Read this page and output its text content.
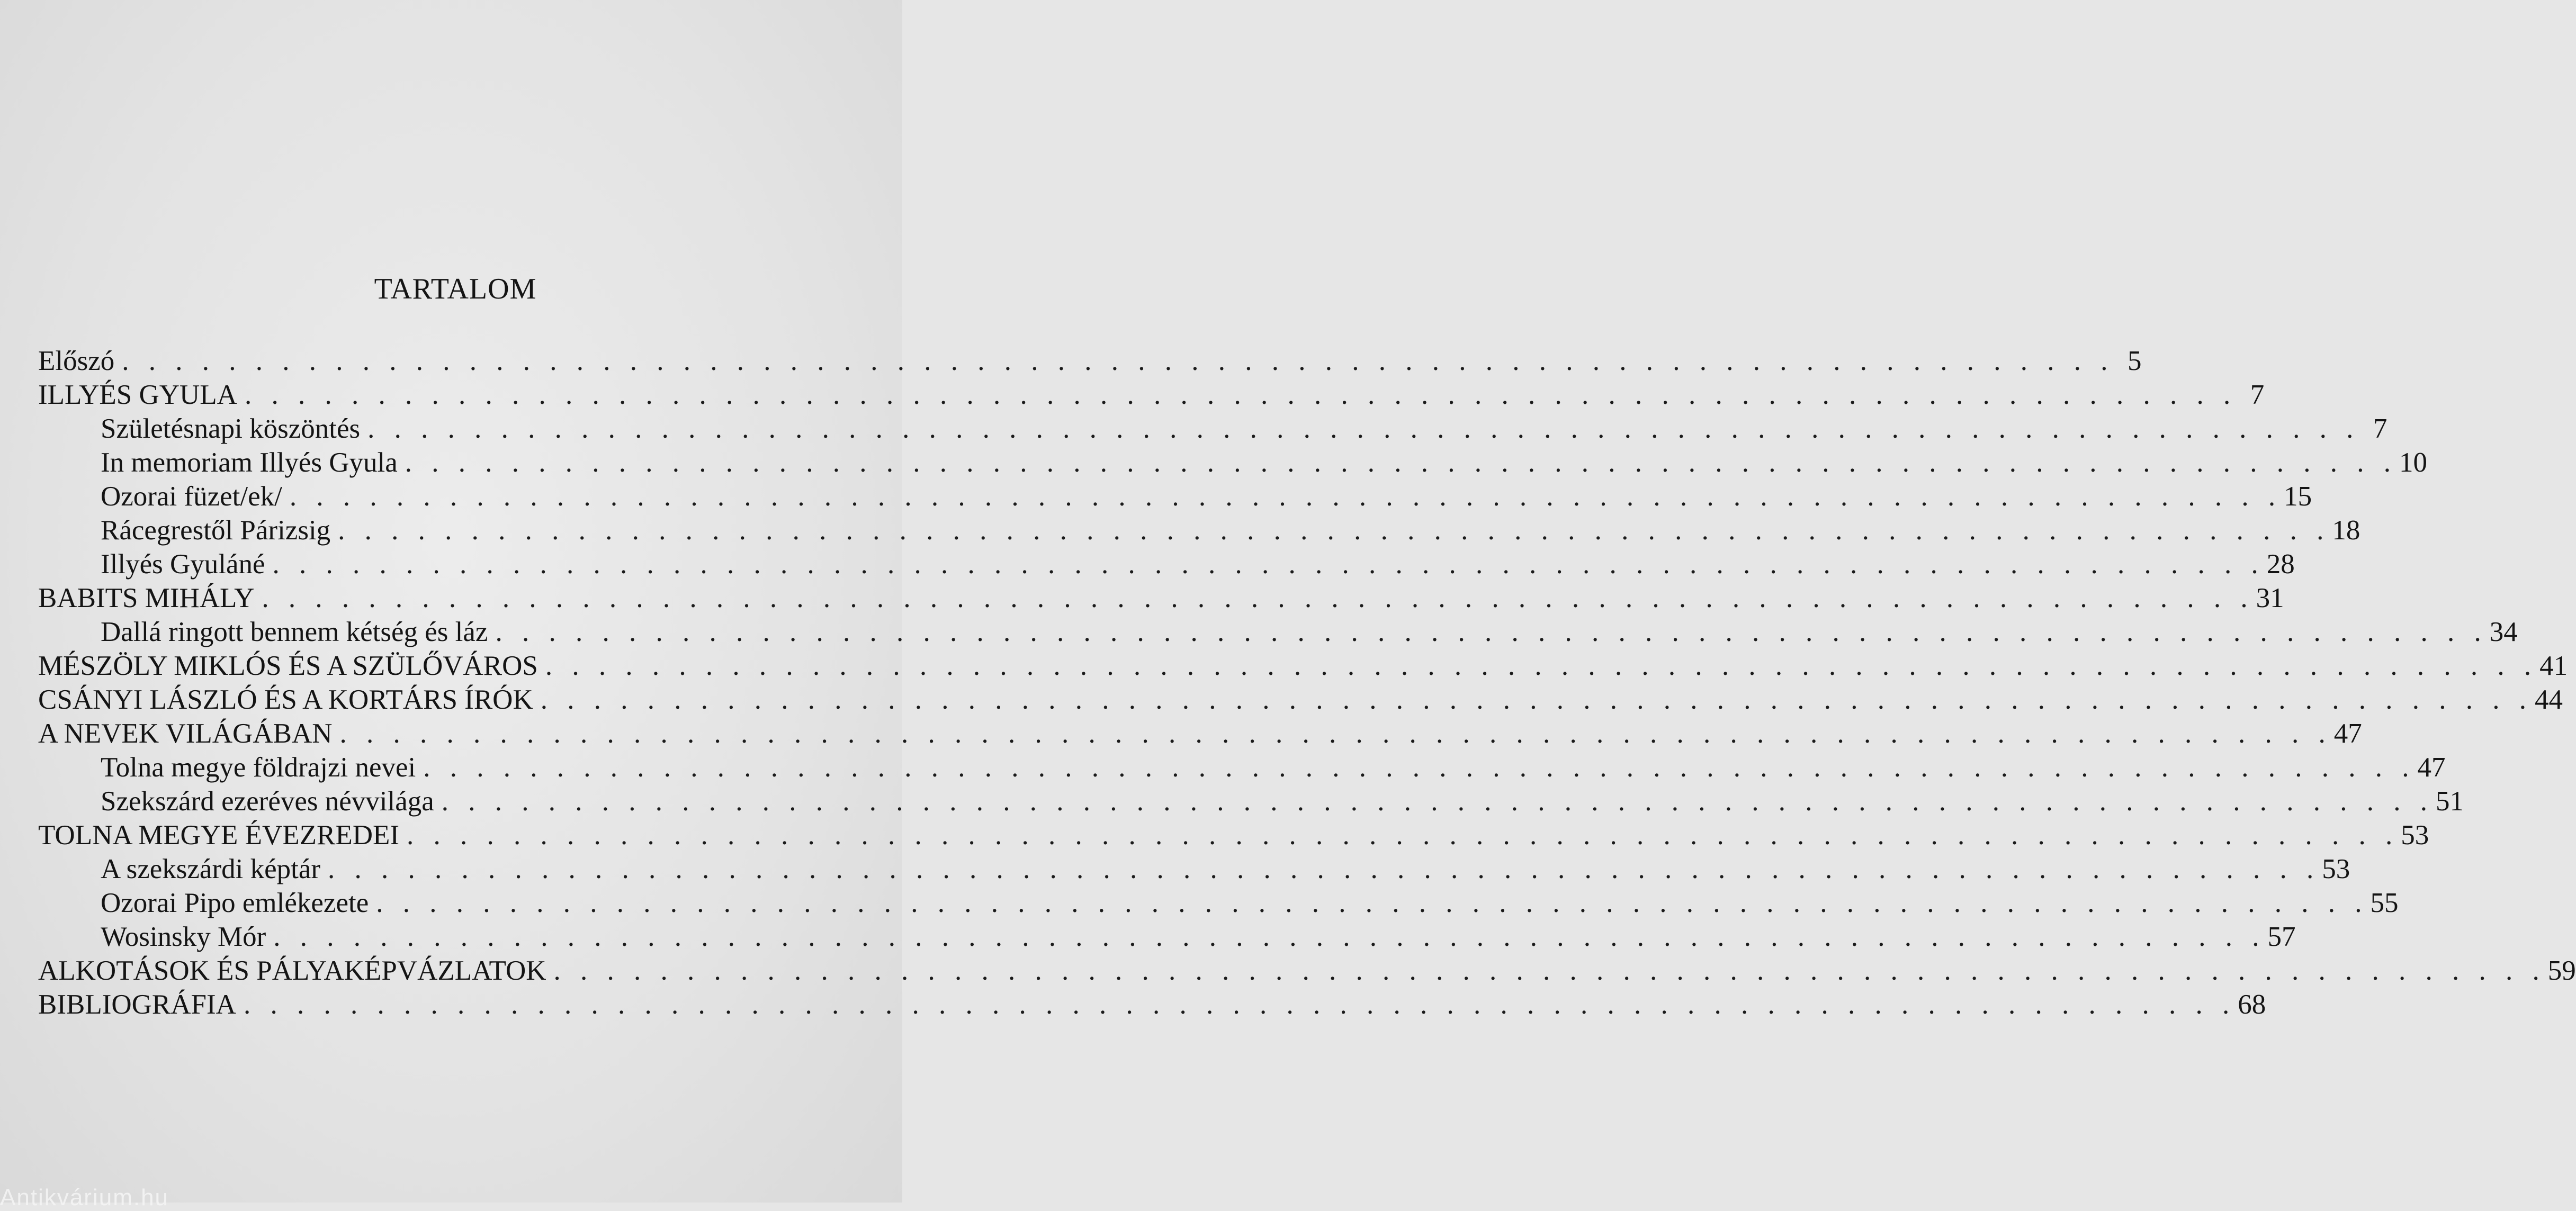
TARTALOM
Előszó . . . . . . . . . . . . . . . . . . . . . . . . . . . . . . . . . . . . . . . . . . . . . . . . . . . . . . . . . . . . . . . . . . . . . . . . . . . 5
ILLYÉS GYULA . . . . . . . . . . . . . . . . . . . . . . . . . . . . . . . . . . . . . . . . . . . . . . . . . . . . . . . . . . . . . . . . . . . . . . . . . . . 7
Születésnapi köszöntés . . . . . . . . . . . . . . . . . . . . . . . . . . . . . . . . . . . . . . . . . . . . . . . . . . . . . . . . . . . . . . . . . . . . . . . . . . . 7
In memoriam Illyés Gyula . . . . . . . . . . . . . . . . . . . . . . . . . . . . . . . . . . . . . . . . . . . . . . . . . . . . . . . . . . . . . . . . . . . . . . . . . . . 10
Ozorai füzet/ek/ . . . . . . . . . . . . . . . . . . . . . . . . . . . . . . . . . . . . . . . . . . . . . . . . . . . . . . . . . . . . . . . . . . . . . . . . . . . 15
Rácegrestől Párizsig . . . . . . . . . . . . . . . . . . . . . . . . . . . . . . . . . . . . . . . . . . . . . . . . . . . . . . . . . . . . . . . . . . . . . . . . . . . 18
Illyés Gyuláné . . . . . . . . . . . . . . . . . . . . . . . . . . . . . . . . . . . . . . . . . . . . . . . . . . . . . . . . . . . . . . . . . . . . . . . . . . . 28
BABITS MIHÁLY . . . . . . . . . . . . . . . . . . . . . . . . . . . . . . . . . . . . . . . . . . . . . . . . . . . . . . . . . . . . . . . . . . . . . . . . . . . 31
Dallá ringott bennem kétség és láz . . . . . . . . . . . . . . . . . . . . . . . . . . . . . . . . . . . . . . . . . . . . . . . . . . . . . . . . . . . . . . . . . . . . . . . . . . . 34
MÉSZÖLY MIKLÓS ÉS A SZÜLŐVÁROS . . . . . . . . . . . . . . . . . . . . . . . . . . . . . . . . . . . . . . . . . . . . . . . . . . . . . . . . . . . . . . . . . . . . . . . . . . . 41
CSÁNYI LÁSZLÓ ÉS A KORTÁRS ÍRÓK . . . . . . . . . . . . . . . . . . . . . . . . . . . . . . . . . . . . . . . . . . . . . . . . . . . . . . . . . . . . . . . . . . . . . . . . . . . 44
A NEVEK VILÁGÁBAN . . . . . . . . . . . . . . . . . . . . . . . . . . . . . . . . . . . . . . . . . . . . . . . . . . . . . . . . . . . . . . . . . . . . . . . . . . . 47
Tolna megye földrajzi nevei . . . . . . . . . . . . . . . . . . . . . . . . . . . . . . . . . . . . . . . . . . . . . . . . . . . . . . . . . . . . . . . . . . . . . . . . . . . 47
Szekszárd ezeréves névvilága . . . . . . . . . . . . . . . . . . . . . . . . . . . . . . . . . . . . . . . . . . . . . . . . . . . . . . . . . . . . . . . . . . . . . . . . . . . 51
TOLNA MEGYE ÉVEZREDEI . . . . . . . . . . . . . . . . . . . . . . . . . . . . . . . . . . . . . . . . . . . . . . . . . . . . . . . . . . . . . . . . . . . . . . . . . . . 53
A szekszárdi képtár . . . . . . . . . . . . . . . . . . . . . . . . . . . . . . . . . . . . . . . . . . . . . . . . . . . . . . . . . . . . . . . . . . . . . . . . . . . 53
Ozorai Pipo emlékezete . . . . . . . . . . . . . . . . . . . . . . . . . . . . . . . . . . . . . . . . . . . . . . . . . . . . . . . . . . . . . . . . . . . . . . . . . . . 55
Wosinsky Mór . . . . . . . . . . . . . . . . . . . . . . . . . . . . . . . . . . . . . . . . . . . . . . . . . . . . . . . . . . . . . . . . . . . . . . . . . . . 57
ALKOTÁSOK ÉS PÁLYAKÉPVÁZLATOK . . . . . . . . . . . . . . . . . . . . . . . . . . . . . . . . . . . . . . . . . . . . . . . . . . . . . . . . . . . . . . . . . . . . . . . . . . . 59
BIBLIOGRÁFIA . . . . . . . . . . . . . . . . . . . . . . . . . . . . . . . . . . . . . . . . . . . . . . . . . . . . . . . . . . . . . . . . . . . . . . . . . . . 68
Antikvárium.hu
